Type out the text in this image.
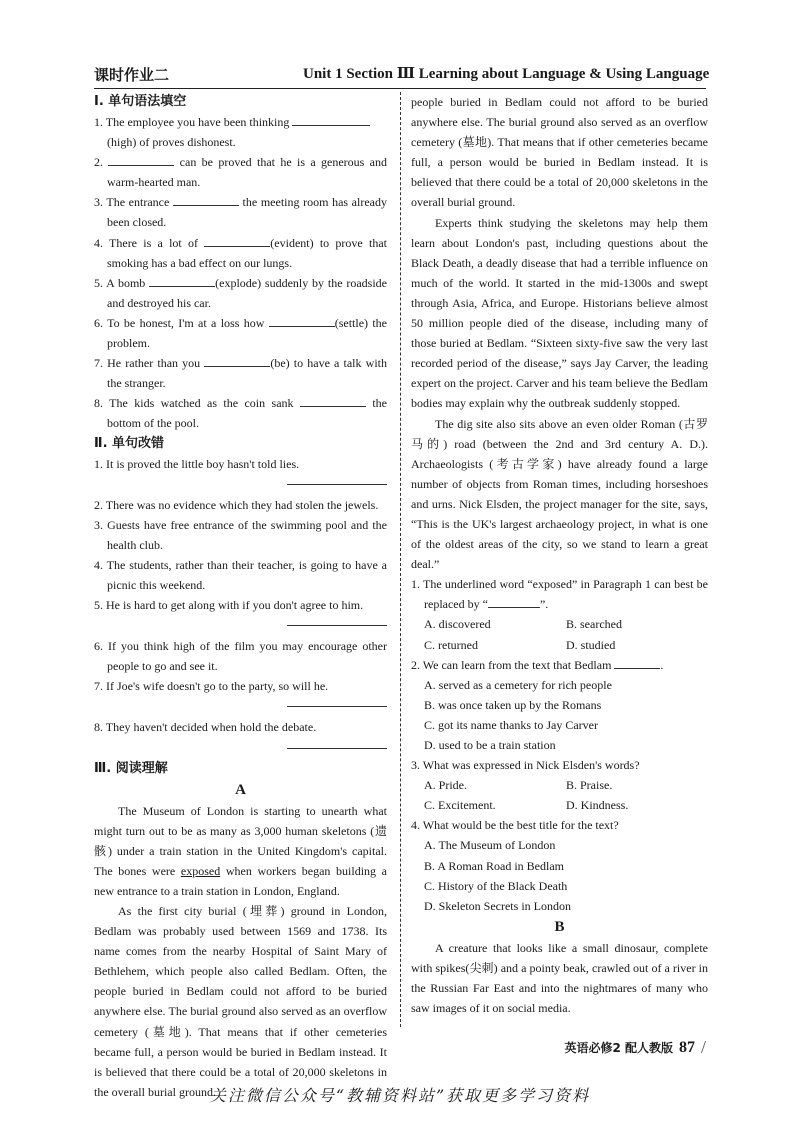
课时作业二	Unit 1 Section Ⅲ Learning about Language & Using Language
Ⅰ. 单句语法填空
1. The employee you have been thinking
(high) of proves dishonest.
2.	can be proved that he is a generous and warm-hearted man.
3. The entrance	the meeting room has already been closed.
4. There is a lot of	(evident) to prove that smoking has a bad effect on our lungs.
5. A bomb	(explode) suddenly by the roadside and destroyed his car.
6. To be honest, I'm at a loss how	(settle) the problem.
7. He rather than you	(be) to have a talk with the stranger.
8. The kids watched as the coin sank	the bottom of the pool.
Ⅱ. 单句改错
1. It is proved the little boy hasn't told lies.
2. There was no evidence which they had stolen the jewels.
3. Guests have free entrance of the swimming pool and the health club.
4. The students, rather than their teacher, is going to have a picnic this weekend.
5. He is hard to get along with if you don't agree to him.
6. If you think high of the film you may encourage other people to go and see it.
7. If Joe's wife doesn't go to the party, so will he.
8. They haven't decided when hold the debate.
Ⅲ. 阅读理解
A
The Museum of London is starting to unearth what might turn out to be as many as 3,000 human skeletons (遗骸) under a train station in the United Kingdom's capital. The bones were exposed when workers began building a new entrance to a train station in London, England.
As the first city burial (埋葬) ground in London, Bedlam was probably used between 1569 and 1738. Its name comes from the nearby Hospital of Saint Mary of Bethlehem, which people also called Bedlam. Often, the people buried in Bedlam could not afford to be buried anywhere else. The burial ground also served as an overflow cemetery (墓地). That means that if other cemeteries became full, a person would be buried in Bedlam instead. It is believed that there could be a total of 20,000 skeletons in the overall burial ground.
people buried in Bedlam could not afford to be buried anywhere else. The burial ground also served as an overflow cemetery (墓地). That means that if other cemeteries became full, a person would be buried in Bedlam instead. It is believed that there could be a total of 20,000 skeletons in the overall burial ground.
Experts think studying the skeletons may help them learn about London's past, including questions about the Black Death, a deadly disease that had a terrible influence on much of the world. It started in the mid-1300s and swept through Asia, Africa, and Europe. Historians believe almost 50 million people died of the disease, including many of those buried at Bedlam. “Sixteen sixty-five saw the very last recorded period of the disease,” says Jay Carver, the leading expert on the project. Carver and his team believe the Bedlam bodies may explain why the outbreak suddenly stopped.
The dig site also sits above an even older Roman (古罗马的) road (between the 2nd and 3rd century A. D.). Archaeologists (考古学家) have already found a large number of objects from Roman times, including horseshoes and urns. Nick Elsden, the project manager for the site, says, “This is the UK's largest archaeology project, in what is one of the oldest areas of the city, so we stand to learn a great deal.”
1. The underlined word “exposed” in Paragraph 1 can best be replaced by “	”.
A. discovered	B. searched
C. returned	D. studied
2. We can learn from the text that Bedlam	.
A. served as a cemetery for rich people
B. was once taken up by the Romans
C. got its name thanks to Jay Carver
D. used to be a train station
3. What was expressed in Nick Elsden's words?
A. Pride.	B. Praise.
C. Excitement.	D. Kindness.
4. What would be the best title for the text?
A. The Museum of London
B. A Roman Road in Bedlam
C. History of the Black Death
D. Skeleton Secrets in London
B
A creature that looks like a small dinosaur, complete with spikes(尖刺) and a pointy beak, crawled out of a river in the Russian Far East and into the nightmares of many who saw images of it on social media.
英语必修2 配人教版 87 /
关注微信公众号“教辅资料站”获取更多学习资料
